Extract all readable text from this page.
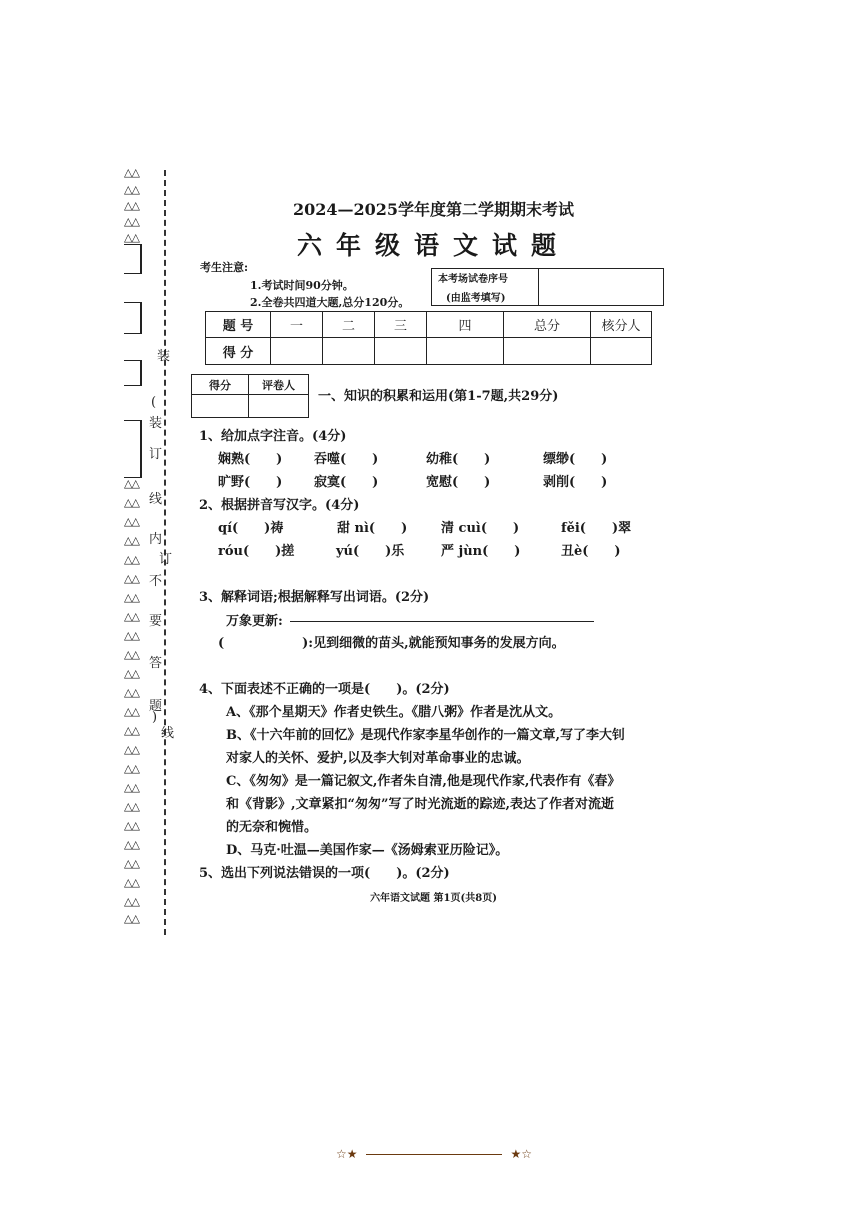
△△
△△
△△
△△
△△
△△
△△
△△
△△
△△
△△
△△
△△
△△
△△
△△
△△
△△
△△
△△
△△
△△
△△
△△
△△
△△
△△
△△
△△
装
(
装
订
线
内
订
不
要
答
题
)
线
2024—2025学年度第二学期期末考试
六年级语文试题
考生注意:
1.考试时间90分钟。
2.全卷共四道大题,总分120分。
本考场试卷序号
(由监考填写)

题 号	一	二	三	四	总分	核分人
得 分						
得分	评卷人

一、知识的积累和运用(第1-7题,共29分)
1、给加点字注音。(4分)
娴熟(　　) 吞噬(　　)	幼稚(　　)	缥缈(　　)
旷野(　　) 寂寞(　　)	宽慰(　　)	剥削(　　)
2、根据拼音写汉字。(4分)
qí(　　)祷	甜 nì(　　)	清 cuì(　　)	fěi(　　)翠
róu(　　)搓	yú(　　)乐	严 jùn(　　)	丑è(　　)
3、解释词语;根据解释写出词语。(2分)
万象更新:
(　　　　　　):见到细微的苗头,就能预知事务的发展方向。
4、下面表述不正确的一项是(　　)。(2分)
A、《那个星期天》作者史铁生。《腊八粥》作者是沈从文。
B、《十六年前的回忆》是现代作家李星华创作的一篇文章,写了李大钊
对家人的关怀、爱护,以及李大钊对革命事业的忠诚。
C、《匆匆》是一篇记叙文,作者朱自清,他是现代作家,代表作有《春》
和《背影》,文章紧扣“匆匆”写了时光流逝的踪迹,表达了作者对流逝
的无奈和惋惜。
D、马克·吐温—美国作家—《汤姆索亚历险记》。
5、选出下列说法错误的一项(　　)。(2分)
六年语文试题 第1页(共8页)
☆★	★☆
